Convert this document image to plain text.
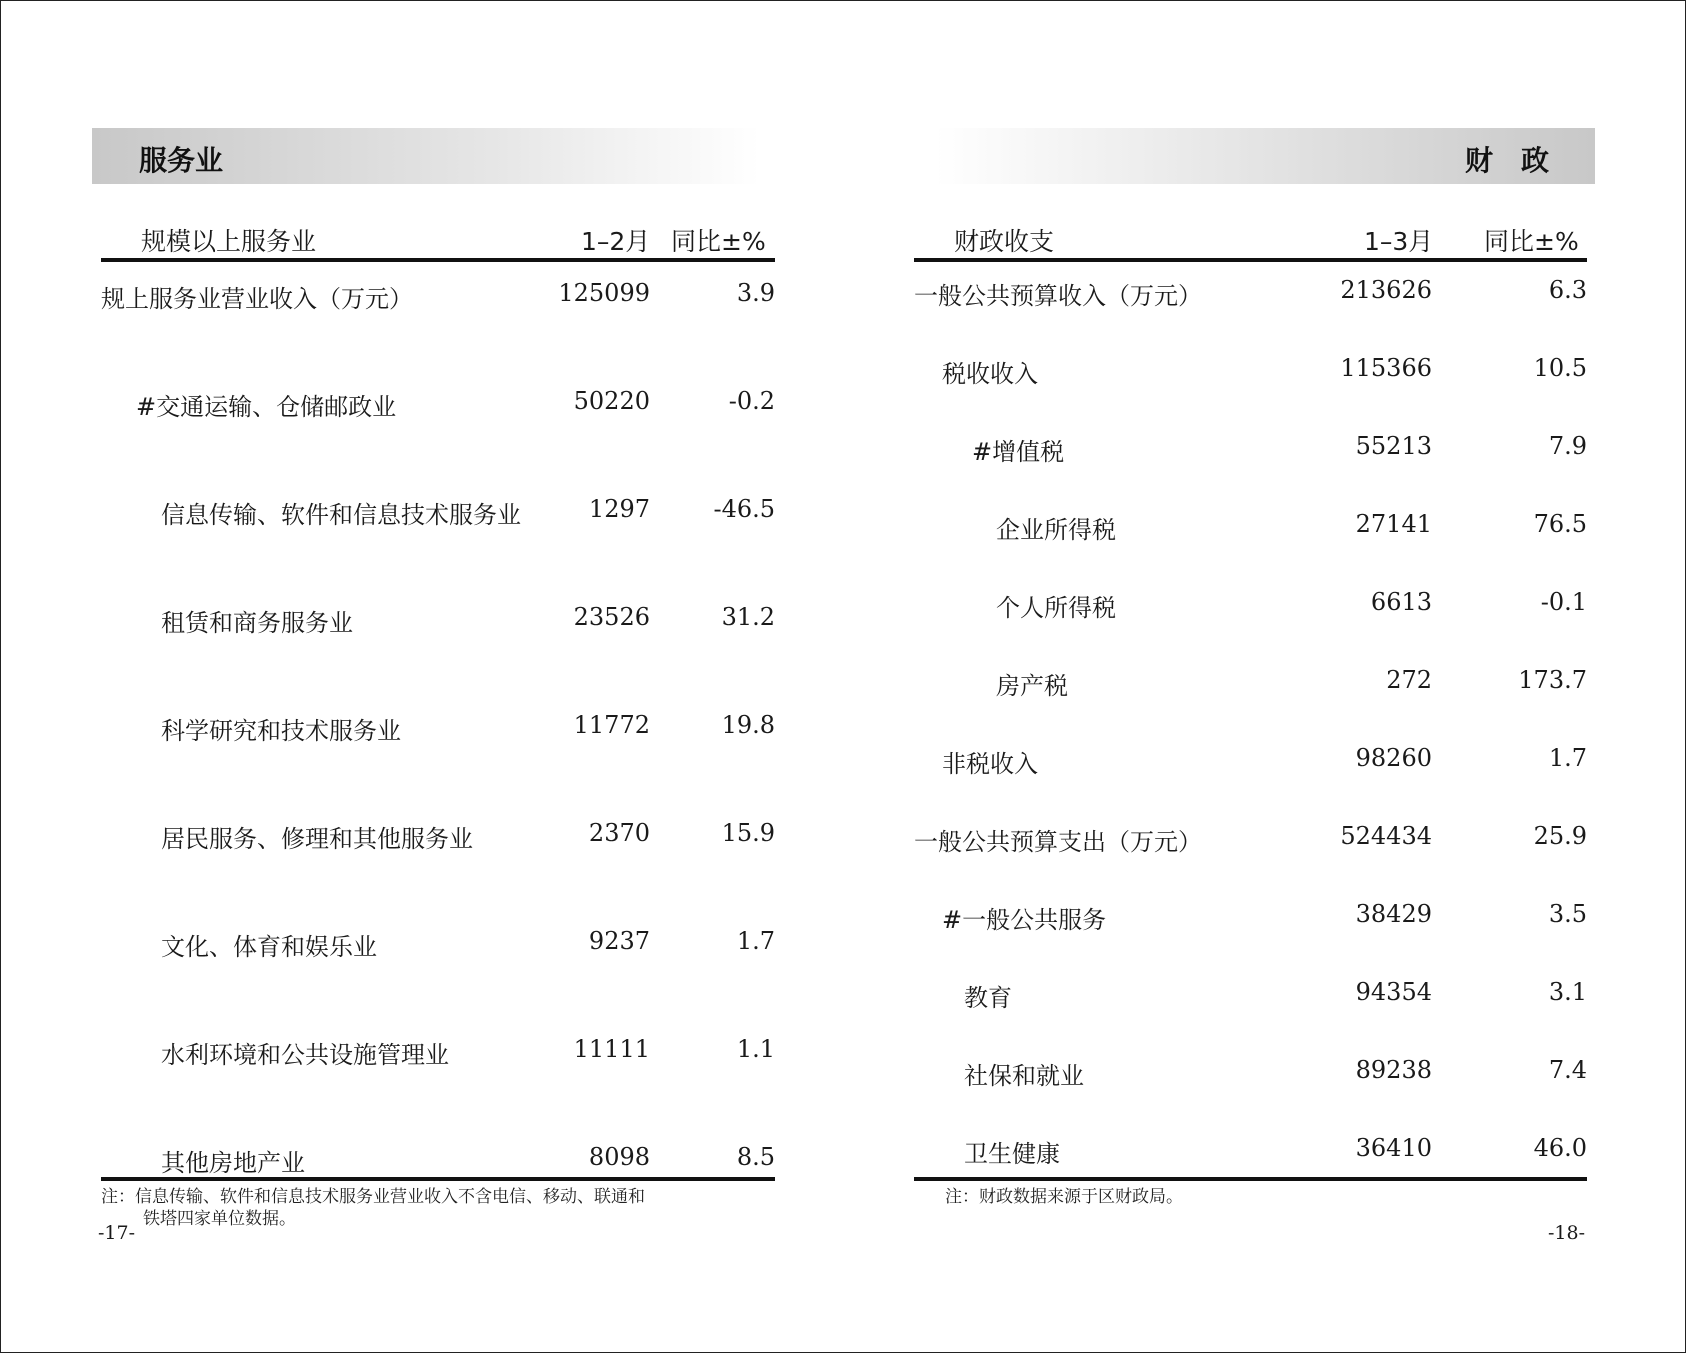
服务业
规模以上服务业	1–2月 同比±%
规上服务业营业收入（万元）	125099	3.9
#交通运输、仓储邮政业	50220	-0.2
信息传输、软件和信息技术服务业	1297	-46.5
租赁和商务服务业	23526	31.2
科学研究和技术服务业	11772	19.8
居民服务、修理和其他服务业	2370	15.9
文化、体育和娱乐业	9237	1.7
水利环境和公共设施管理业	11111	1.1
其他房地产业	8098	8.5
注：信息传输、软件和信息技术服务业营业收入不含电信、移动、联通和
铁塔四家单位数据。
-17-
财政
财政收支	1–3月 同比±%
一般公共预算收入（万元）	213626	6.3
税收收入	115366	10.5
#增值税	55213	7.9
企业所得税	27141	76.5
个人所得税	6613	-0.1
房产税	272	173.7
非税收入	98260	1.7
一般公共预算支出（万元）	524434	25.9
#一般公共服务	38429	3.5
教育	94354	3.1
社保和就业	89238	7.4
卫生健康	36410	46.0
注：财政数据来源于区财政局。
-18-
